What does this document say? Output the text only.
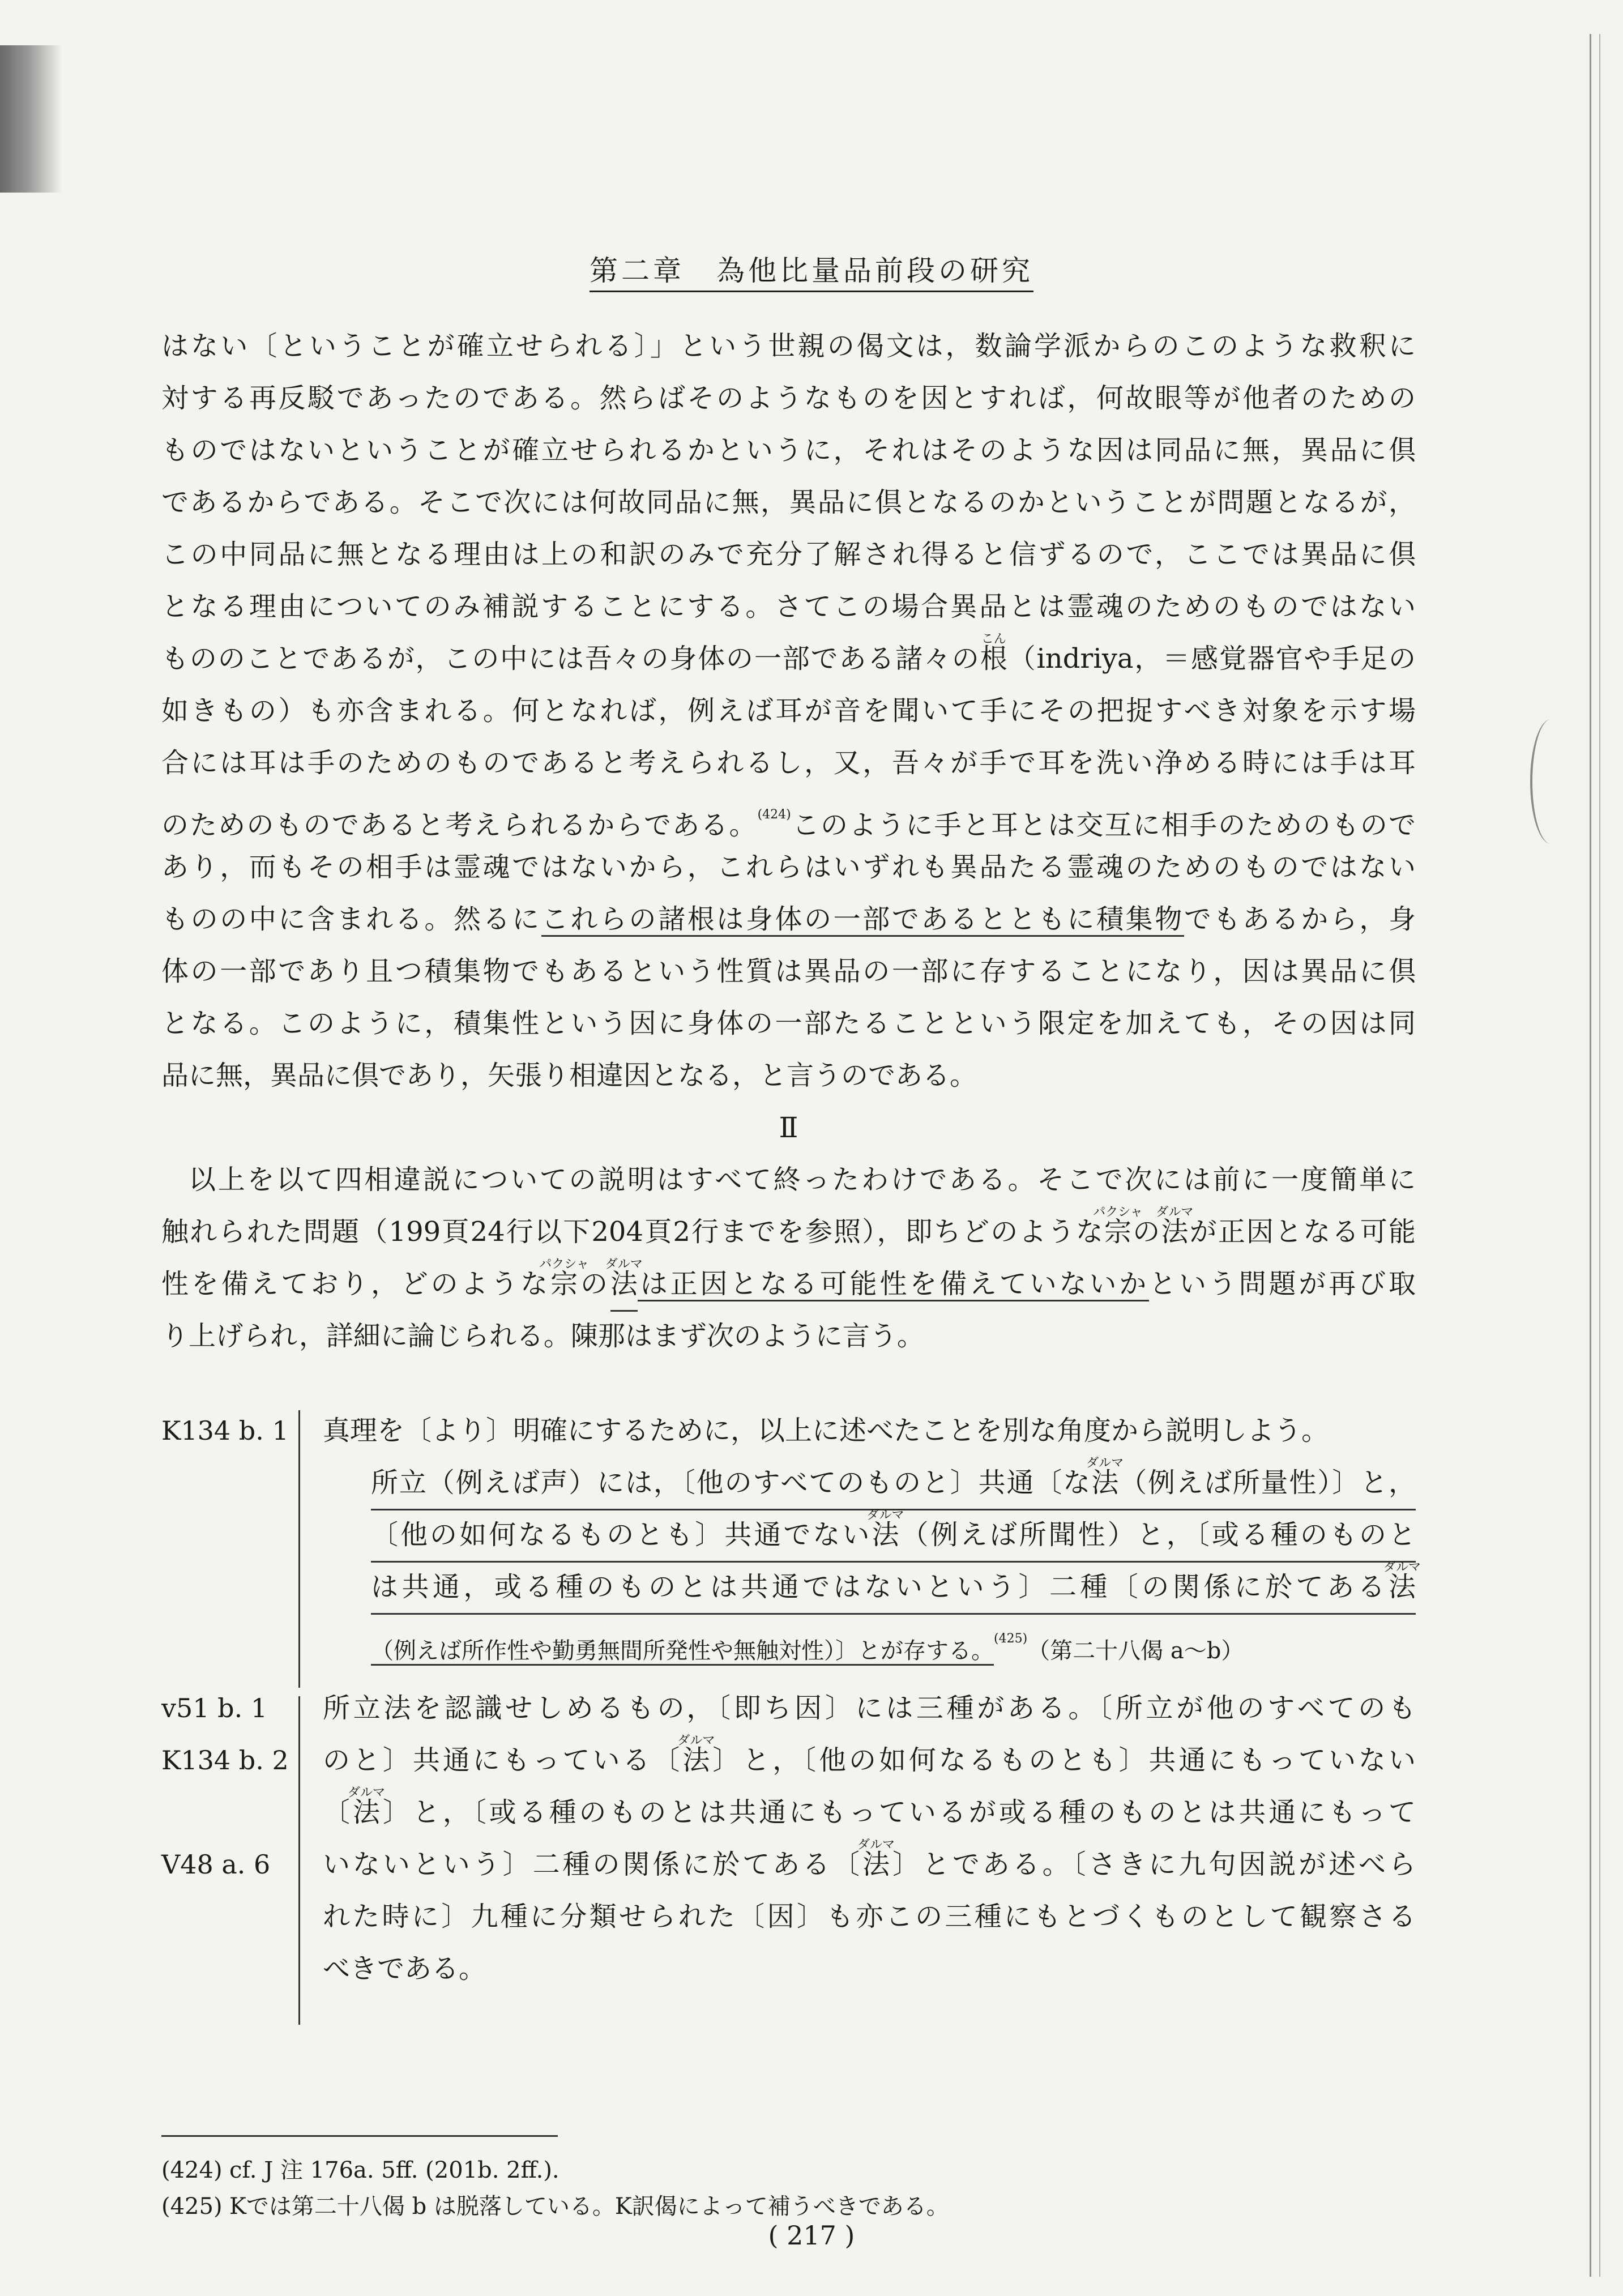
第二章　為他比量品前段の研究
はない〔ということが確立せられる〕」という世親の偈文は，数論学派からのこのような救釈に
対する再反駁であったのである。然らばそのようなものを因とすれば，何故眼等が他者のための
ものではないということが確立せられるかというに，それはそのような因は同品に無，異品に倶
であるからである。そこで次には何故同品に無，異品に倶となるのかということが問題となるが，
この中同品に無となる理由は上の和訳のみで充分了解され得ると信ずるので，ここでは異品に倶
となる理由についてのみ補説することにする。さてこの場合異品とは霊魂のためのものではない
もののことであるが，この中には吾々の身体の一部である諸々の
こん
根（indriya，＝感覚器官や手足の
如きもの）も亦含まれる。何となれば，例えば耳が音を聞いて手にその把捉すべき対象を示す場
合には耳は手のためのものであると考えられるし，又，吾々が手で耳を洗い浄める時には手は耳
のためのものであると考えられるからである。$^{(424)}$このように手と耳とは交互に相手のためのもので
あり，而もその相手は霊魂ではないから，これらはいずれも異品たる霊魂のためのものではない
ものの中に含まれる。然るにこれらの諸根は身体の一部であるとともに積集物でもあるから，身
体の一部であり且つ積集物でもあるという性質は異品の一部に存することになり，因は異品に倶
となる。このように，積集性という因に身体の一部たることという限定を加えても，その因は同
品に無，異品に倶であり，矢張り相違因となる，と言うのである。
Ⅱ
以上を以て四相違説についての説明はすべて終ったわけである。そこで次には前に一度簡単に
触れられた問題（199頁24行以下204頁2行までを参照），即ちどのような
パクシャ
宗の
ダルマ
法が正因となる可能
性を備えており，どのような
パクシャ
宗の
ダルマ
法は正因となる可能性を備えていないかという問題が再び取
り上げられ，詳細に論じられる。陳那はまず次のように言う。
K134 b. 1	真理を〔より〕明確にするために，以上に述べたことを別な角度から説明しよう。
所立（例えば声）には，〔他のすべてのものと〕共通〔な
ダルマ
法（例えば所量性）〕と，
〔他の如何なるものとも〕共通でない
ダルマ
法（例えば所聞性）と，〔或る種のものと
は共通，或る種のものとは共通ではないという〕二種〔の関係に於てある
ダルマ
法
（例えば所作性や勤勇無間所発性や無触対性）〕とが存する。$^{(425)}$（第二十八偈 a〜b）
v51 b. 1	所立法を認識せしめるもの，〔即ち因〕には三種がある。〔所立が他のすべてのも
K134 b. 2	のと〕共通にもっている〔
ダルマ
法〕と，〔他の如何なるものとも〕共通にもっていない
〔
ダルマ
法〕と，〔或る種のものとは共通にもっているが或る種のものとは共通にもって
V48 a. 6	いないという〕二種の関係に於てある〔
ダルマ
法〕とである。〔さきに九句因説が述べら
れた時に〕九種に分類せられた〔因〕も亦この三種にもとづくものとして観察さる
べきである。
(424) cf. J 注 176a. 5ff. (201b. 2ff.).
(425) Kでは第二十八偈 b は脱落している。K訳偈によって補うべきである。
( 217 )
